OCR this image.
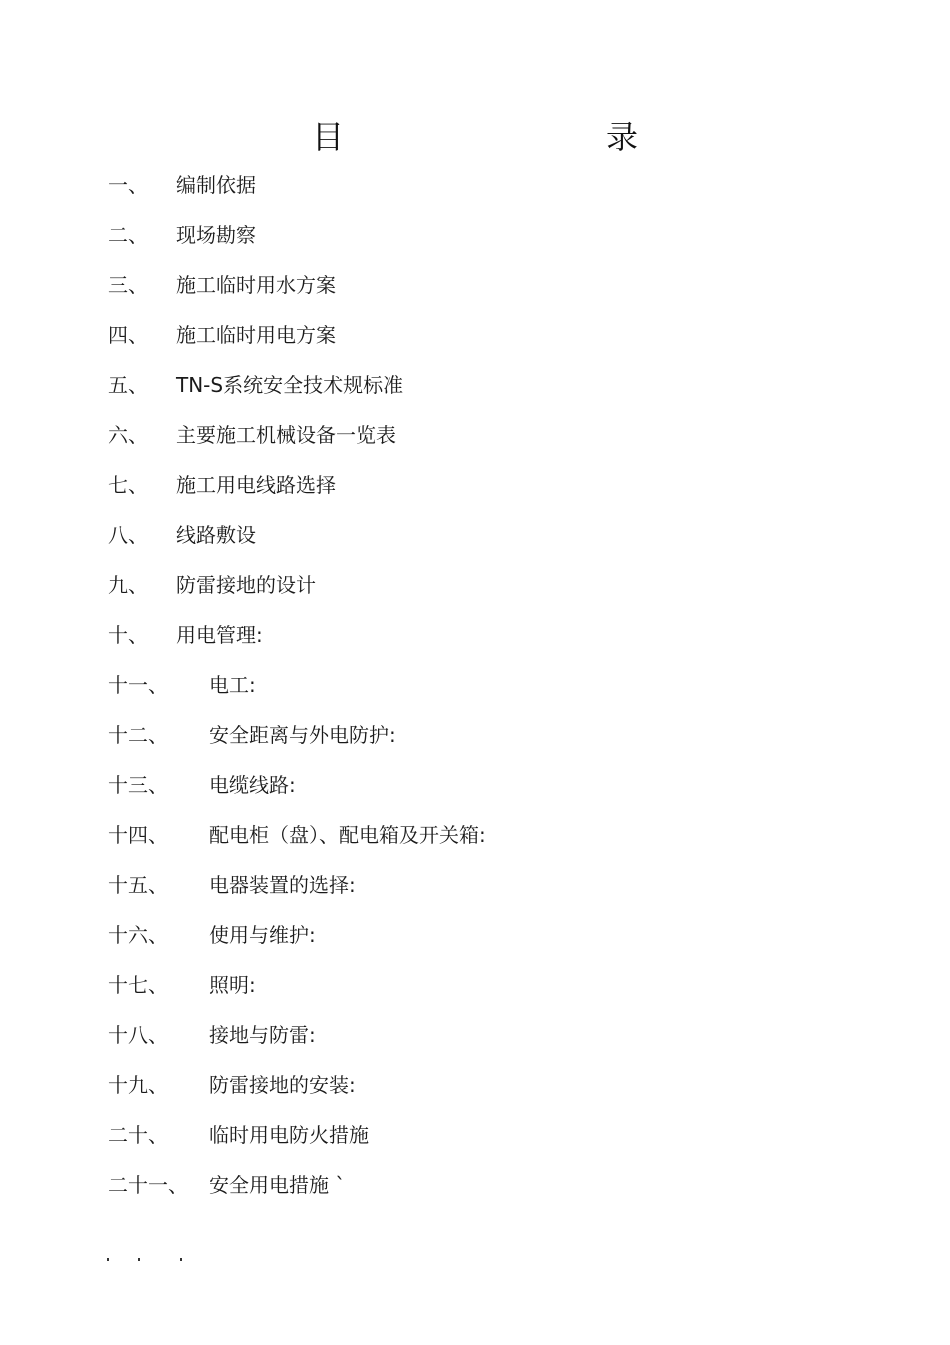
目　　录
一、 编制依据
二、 现场勘察
三、 施工临时用水方案
四、 施工临时用电方案
五、 TN-S系统安全技术规标准
六、 主要施工机械设备一览表
七、 施工用电线路选择
八、 线路敷设
九、 防雷接地的设计
十、 用电管理:
十一、 电工:
十二、 安全距离与外电防护:
十三、 电缆线路:
十四、 配电柜（盘）、配电箱及开关箱:
十五、 电器装置的选择:
十六、 使用与维护:
十七、 照明:
十八、 接地与防雷:
十九、 防雷接地的安装:
二十、 临时用电防火措施
二十一、 安全用电措施 `
